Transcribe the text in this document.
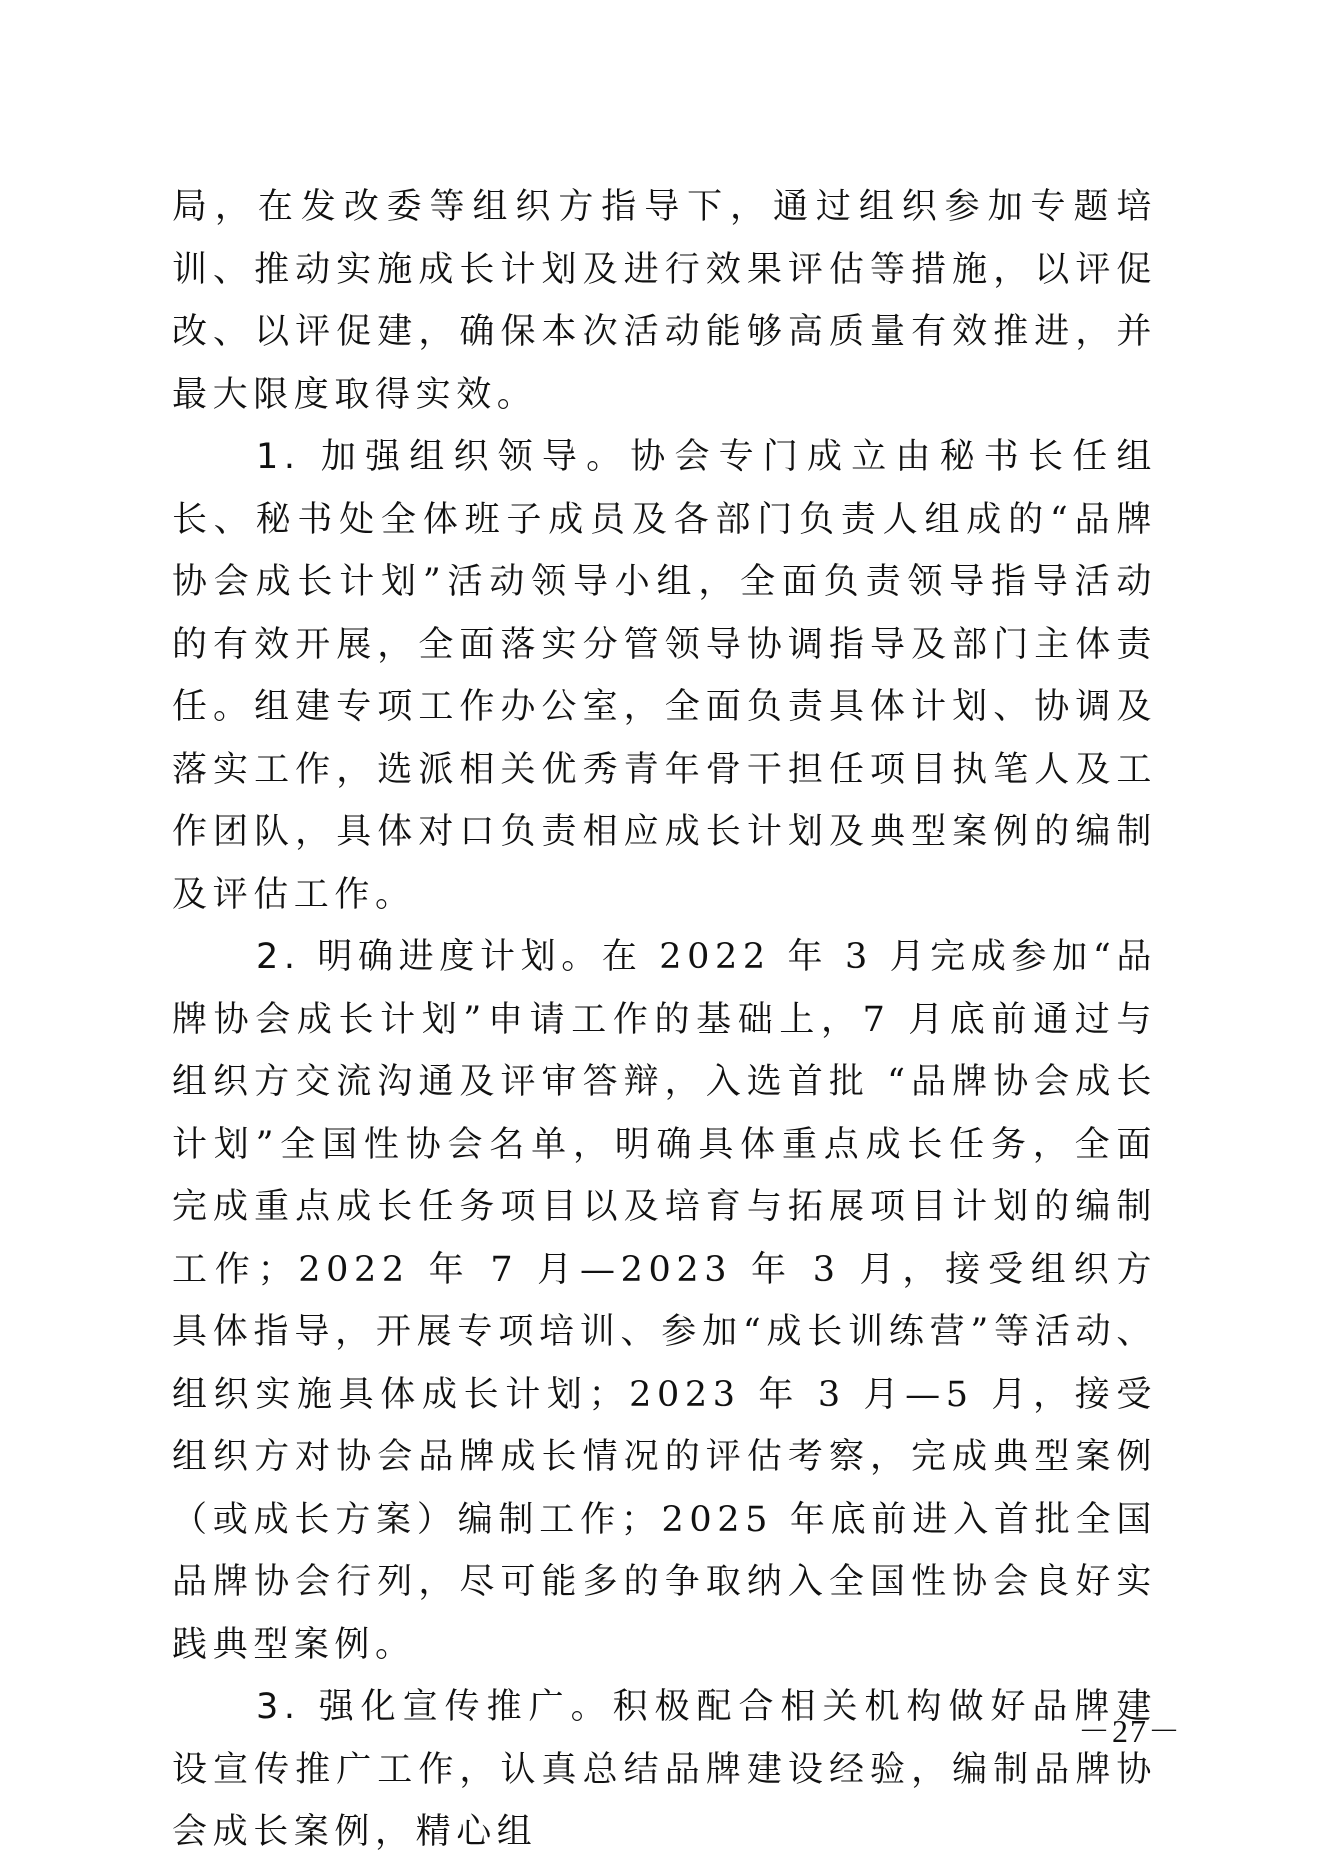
局，在发改委等组织方指导下，通过组织参加专题培训、推动实施成长计划及进行效果评估等措施，以评促改、以评促建，确保本次活动能够高质量有效推进，并最大限度取得实效。

1. 加强组织领导。协会专门成立由秘书长任组长、秘书处全体班子成员及各部门负责人组成的“品牌协会成长计划”活动领导小组，全面负责领导指导活动的有效开展，全面落实分管领导协调指导及部门主体责任。组建专项工作办公室，全面负责具体计划、协调及落实工作，选派相关优秀青年骨干担任项目执笔人及工作团队，具体对口负责相应成长计划及典型案例的编制及评估工作。

2. 明确进度计划。在 2022 年 3 月完成参加“品牌协会成长计划”申请工作的基础上，7 月底前通过与组织方交流沟通及评审答辩，入选首批 “品牌协会成长计划”全国性协会名单，明确具体重点成长任务，全面完成重点成长任务项目以及培育与拓展项目计划的编制工作；2022 年 7 月—2023 年 3 月，接受组织方具体指导，开展专项培训、参加“成长训练营”等活动、组织实施具体成长计划；2023 年 3 月—5 月，接受组织方对协会品牌成长情况的评估考察，完成典型案例（或成长方案）编制工作；2025 年底前进入首批全国品牌协会行列，尽可能多的争取纳入全国性协会良好实践典型案例。

3. 强化宣传推广。积极配合相关机构做好品牌建设宣传推广工作，认真总结品牌建设经验，编制品牌协会成长案例，精心组

－27－
